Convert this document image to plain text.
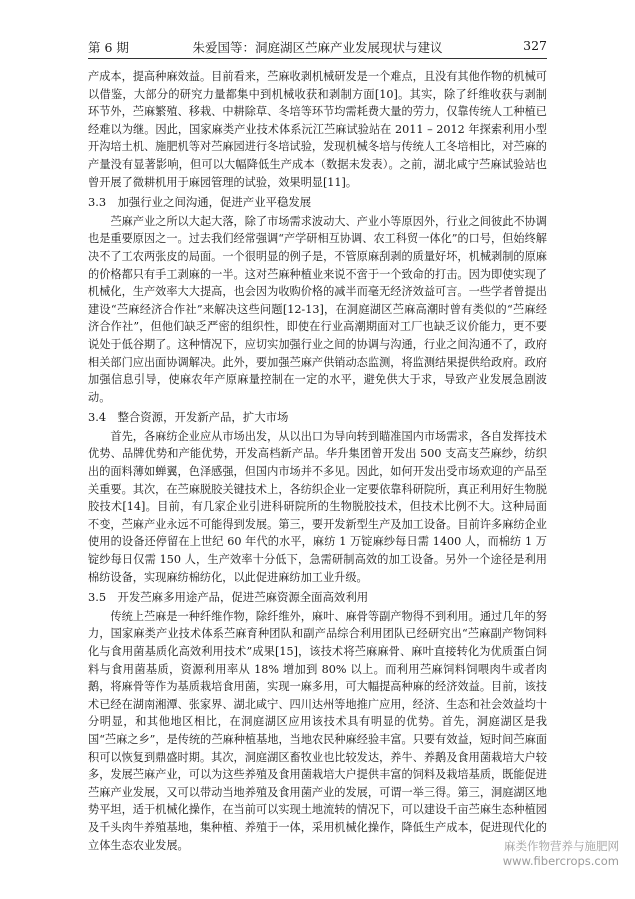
第 6 期	朱爱国等：洞庭湖区苎麻产业发展现状与建议	327

产成本，提高种麻效益。目前看来，苎麻收剥机械研发是一个难点，且没有其他作物的机械可以借鉴，大部分的研究力量都集中到机械收获和剥制方面[10]。其实，除了纤维收获与剥制环节外，苎麻繁殖、移栽、中耕除草、冬培等环节均需耗费大量的劳力，仅靠传统人工种植已经难以为继。因此，国家麻类产业技术体系沅江苎麻试验站在 2011 – 2012 年探索利用小型开沟培土机、施肥机等对苎麻园进行冬培试验，发现机械冬培与传统人工冬培相比，对苎麻的产量没有显著影响，但可以大幅降低生产成本（数据未发表）。之前，湖北咸宁苎麻试验站也曾开展了微耕机用于麻园管理的试验，效果明显[11]。

3.3　加强行业之间沟通，促进产业平稳发展

苎麻产业之所以大起大落，除了市场需求波动大、产业小等原因外，行业之间彼此不协调也是重要原因之一。过去我们经常强调“产学研相互协调、农工科贸一体化”的口号，但始终解决不了工农两张皮的局面。一个很明显的例子是，不管原麻刮剥的质量好坏，机械剥制的原麻的价格都只有手工剥麻的一半。这对苎麻种植业来说不啻于一个致命的打击。因为即使实现了机械化，生产效率大大提高，也会因为收购价格的减半而毫无经济效益可言。一些学者曾提出建设“苎麻经济合作社”来解决这些问题[12-13]，在洞庭湖区苎麻高潮时曾有类似的“苎麻经济合作社”，但他们缺乏严密的组织性，即使在行业高潮期面对工厂也缺乏议价能力，更不要说处于低谷期了。这种情况下，应切实加强行业之间的协调与沟通，行业之间沟通不了，政府相关部门应出面协调解决。此外，要加强苎麻产供销动态监测，将监测结果提供给政府。政府加强信息引导，使麻农年产原麻量控制在一定的水平，避免供大于求，导致产业发展急剧波动。

3.4　整合资源，开发新产品，扩大市场

首先，各麻纺企业应从市场出发，从以出口为导向转到瞄准国内市场需求，各自发挥技术优势、品牌优势和产能优势，开发高档新产品。华升集团曾开发出 500 支高支苎麻纱，纺织出的面料薄如蝉翼，色泽感强，但国内市场并不多见。因此，如何开发出受市场欢迎的产品至关重要。其次，在苎麻脱胶关键技术上，各纺织企业一定要依靠科研院所，真正利用好生物脱胶技术[14]。目前，有几家企业引进科研院所的生物脱胶技术，但技术比例不大。这种局面不变，苎麻产业永远不可能得到发展。第三，要开发新型生产及加工设备。目前许多麻纺企业使用的设备还停留在上世纪 60 年代的水平，麻纺 1 万锭麻纱每日需 1400 人，而棉纺 1 万锭纱每日仅需 150 人，生产效率十分低下，急需研制高效的加工设备。另外一个途径是利用棉纺设备，实现麻纺棉纺化，以此促进麻纺加工业升级。

3.5　开发苎麻多用途产品，促进苎麻资源全面高效利用

传统上苎麻是一种纤维作物，除纤维外，麻叶、麻骨等副产物得不到利用。通过几年的努力，国家麻类产业技术体系苎麻育种团队和副产品综合利用团队已经研究出“苎麻副产物饲料化与食用菌基质化高效利用技术”成果[15]，该技术将苎麻麻骨、麻叶直接转化为优质蛋白饲料与食用菌基质，资源利用率从 18% 增加到 80% 以上。而利用苎麻饲料饲喂肉牛或者肉鹅，将麻骨等作为基质栽培食用菌，实现一麻多用，可大幅提高种麻的经济效益。目前，该技术已经在湖南湘潭、张家界、湖北咸宁、四川达州等地推广应用，经济、生态和社会效益均十分明显，和其他地区相比，在洞庭湖区应用该技术具有明显的优势。首先，洞庭湖区是我国“苎麻之乡”，是传统的苎麻种植基地，当地农民种麻经验丰富。只要有效益，短时间苎麻面积可以恢复到鼎盛时期。其次，洞庭湖区畜牧业也比较发达，养牛、养鹅及食用菌栽培大户较多，发展苎麻产业，可以为这些养殖及食用菌栽培大户提供丰富的饲料及栽培基质，既能促进苎麻产业发展，又可以带动当地养殖及食用菌产业的发展，可谓一举三得。第三，洞庭湖区地势平坦，适于机械化操作，在当前可以实现土地流转的情况下，可以建设千亩苎麻生态种植园及千头肉牛养殖基地，集种植、养殖于一体，采用机械化操作，降低生产成本，促进现代化的立体生态农业发展。	麻类作物营养与施肥网
www.fibercrops.com
